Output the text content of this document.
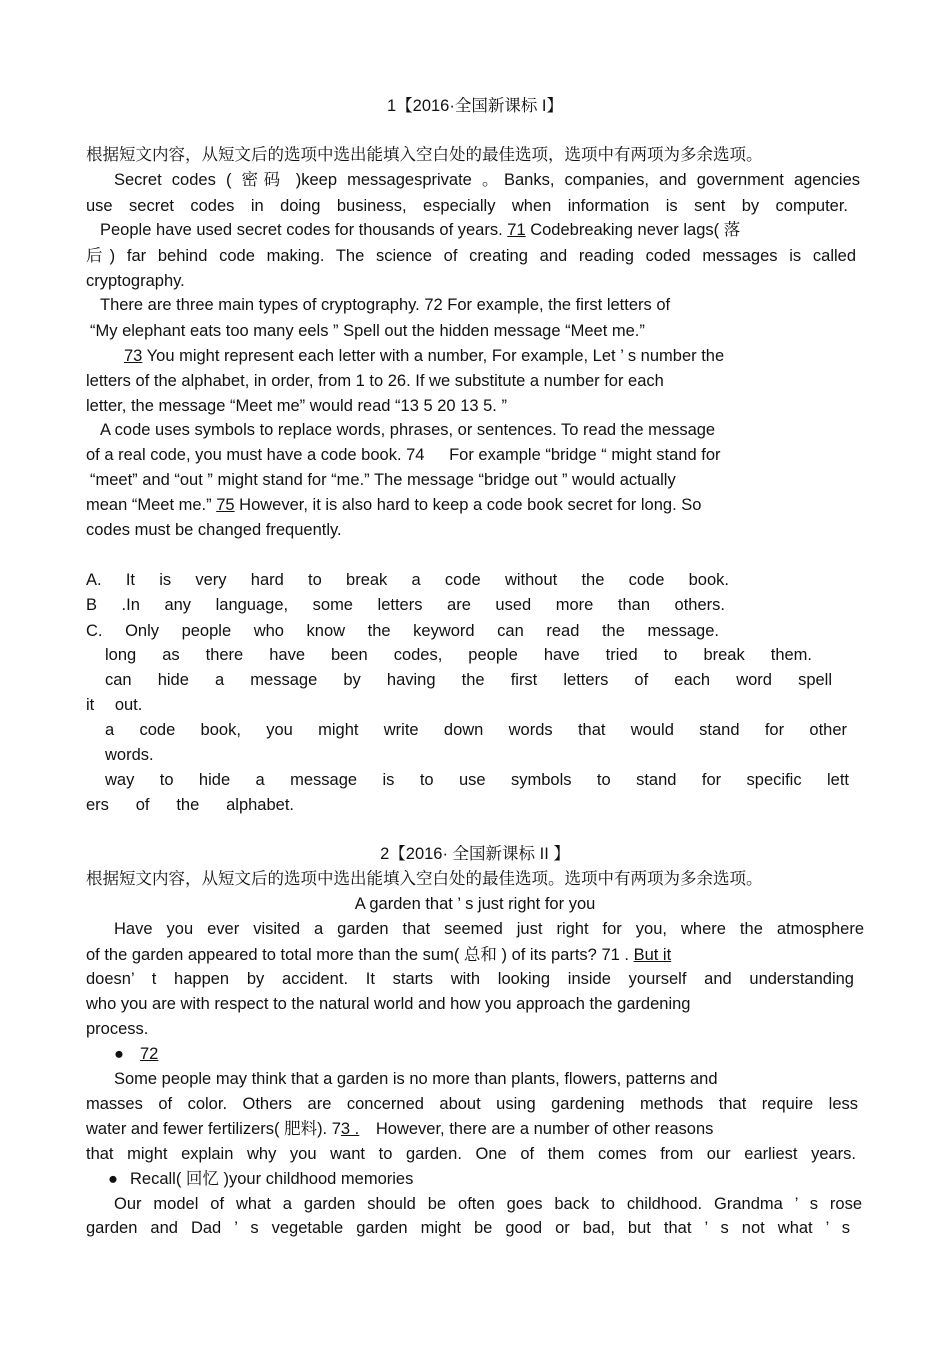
1【2016·全国新课标 I】
根据短文内容，从短文后的选项中选出能填入空白处的最佳选项，选项中有两项为多余选项。
Secret codes ( 密码 )keep messagesprivate 。Banks, companies, and government agencies
use secret codes in doing business, especially when information is sent by computer.
People have used secret codes for thousands of years. 71 Codebreaking never lags( 落
后) far behind code making. The science of creating and reading coded messages is called
cryptography.
There are three main types of cryptography. 72 For example, the first letters of
“My elephant eats too many eels ” Spell out the hidden message “Meet me.”
73 You might represent each letter with a number, For example, Let ’ s number the
letters of the alphabet, in order, from 1 to 26. If we substitute a number for each
letter, the message “Meet me” would read “13 5 20 13 5. ”
A code uses symbols to replace words, phrases, or sentences. To read the message
of a real code, you must have a code book. 74 For example “bridge “ might stand for
“meet” and “out ” might stand for “me.” The message “bridge out ” would actually
mean “Meet me.” 75 However, it is also hard to keep a code book secret for long. So
codes must be changed frequently.
A. It is very hard to break a code without the code book.
B .In any language, some letters are used more than others.
C. Only people who know the keyword can read the message.
long as there have been codes, people have tried to break them.
can hide a message by having the first letters of each word spell
it out.
a code book, you might write down words that would stand for other
words.
way to hide a message is to use symbols to stand for specific lett
ers of the alphabet.
2【2016· 全国新课标 II 】
根据短文内容，从短文后的选项中选出能填入空白处的最佳选项。选项中有两项为多余选项。
A garden that ’ s just right for you
Have you ever visited a garden that seemed just right for you, where the atmosphere
of the garden appeared to total more than the sum( 总和 ) of its parts? 71 . But it
doesn’ t happen by accident. It starts with looking inside yourself and understanding
who you are with respect to the natural world and how you approach the gardening
process.
● 72
Some people may think that a garden is no more than plants, flowers, patterns and
masses of color. Others are concerned about using gardening methods that require less
water and fewer fertilizers( 肥料). 73 . However, there are a number of other reasons
that might explain why you want to garden. One of them comes from our earliest years.
● Recall( 回忆 )your childhood memories
Our model of what a garden should be often goes back to childhood. Grandma ’ s rose
garden and Dad ’ s vegetable garden might be good or bad, but that ’ s not what ’ s
